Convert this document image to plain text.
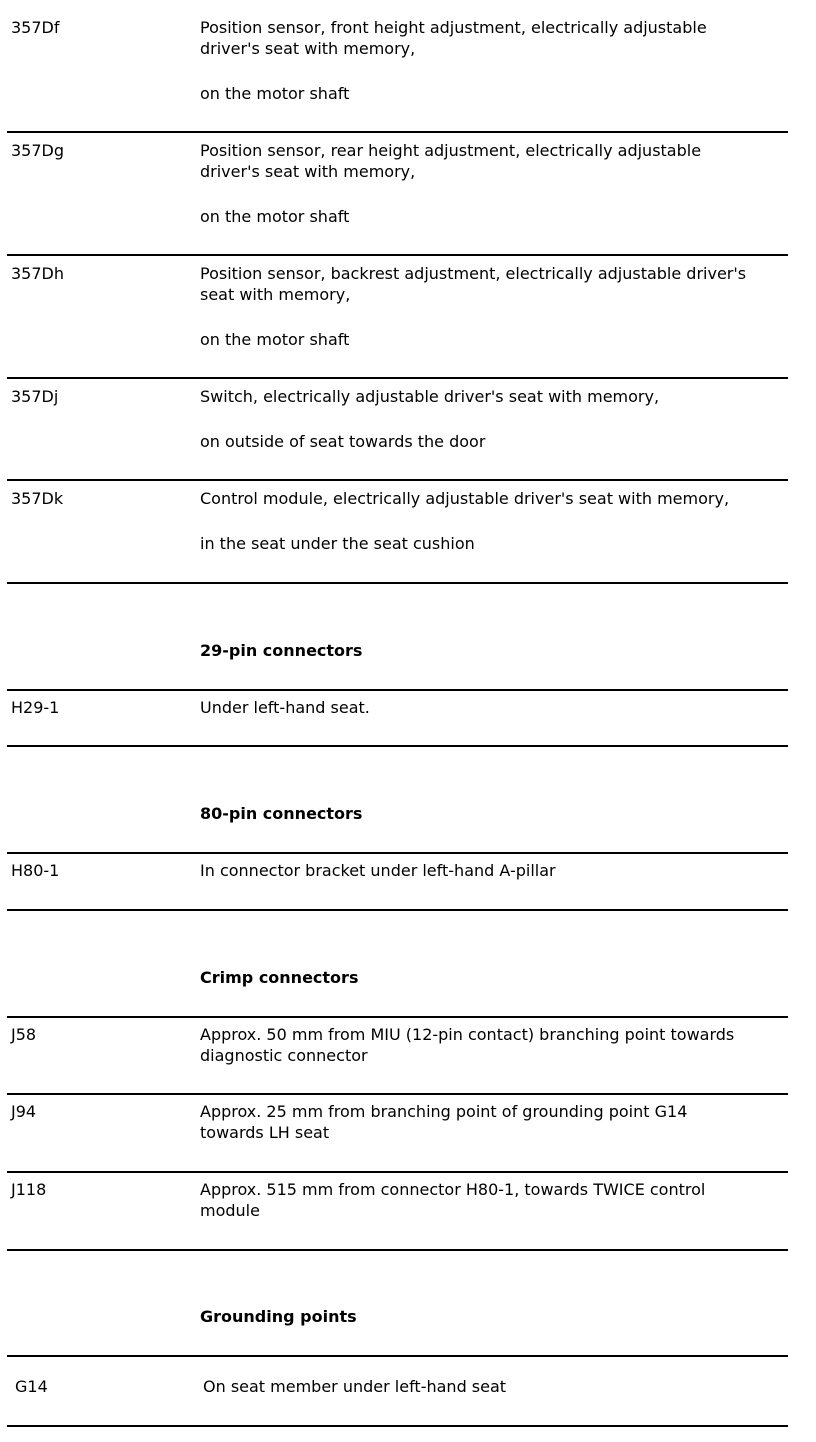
357Df	Position sensor, front height adjustment, electrically adjustable
driver's seat with memory,
on the motor shaft
357Dg	Position sensor, rear height adjustment, electrically adjustable
driver's seat with memory,
on the motor shaft
357Dh	Position sensor, backrest adjustment, electrically adjustable driver's
seat with memory,
on the motor shaft
357Dj	Switch, electrically adjustable driver's seat with memory,
on outside of seat towards the door
357Dk	Control module, electrically adjustable driver's seat with memory,
in the seat under the seat cushion
29-pin connectors
H29-1	Under left-hand seat.
80-pin connectors
H80-1	In connector bracket under left-hand A-pillar
Crimp connectors
J58	Approx. 50 mm from MIU (12-pin contact) branching point towards
diagnostic connector
J94	Approx. 25 mm from branching point of grounding point G14
towards LH seat
J118	Approx. 515 mm from connector H80-1, towards TWICE control
module
Grounding points
G14	On seat member under left-hand seat
